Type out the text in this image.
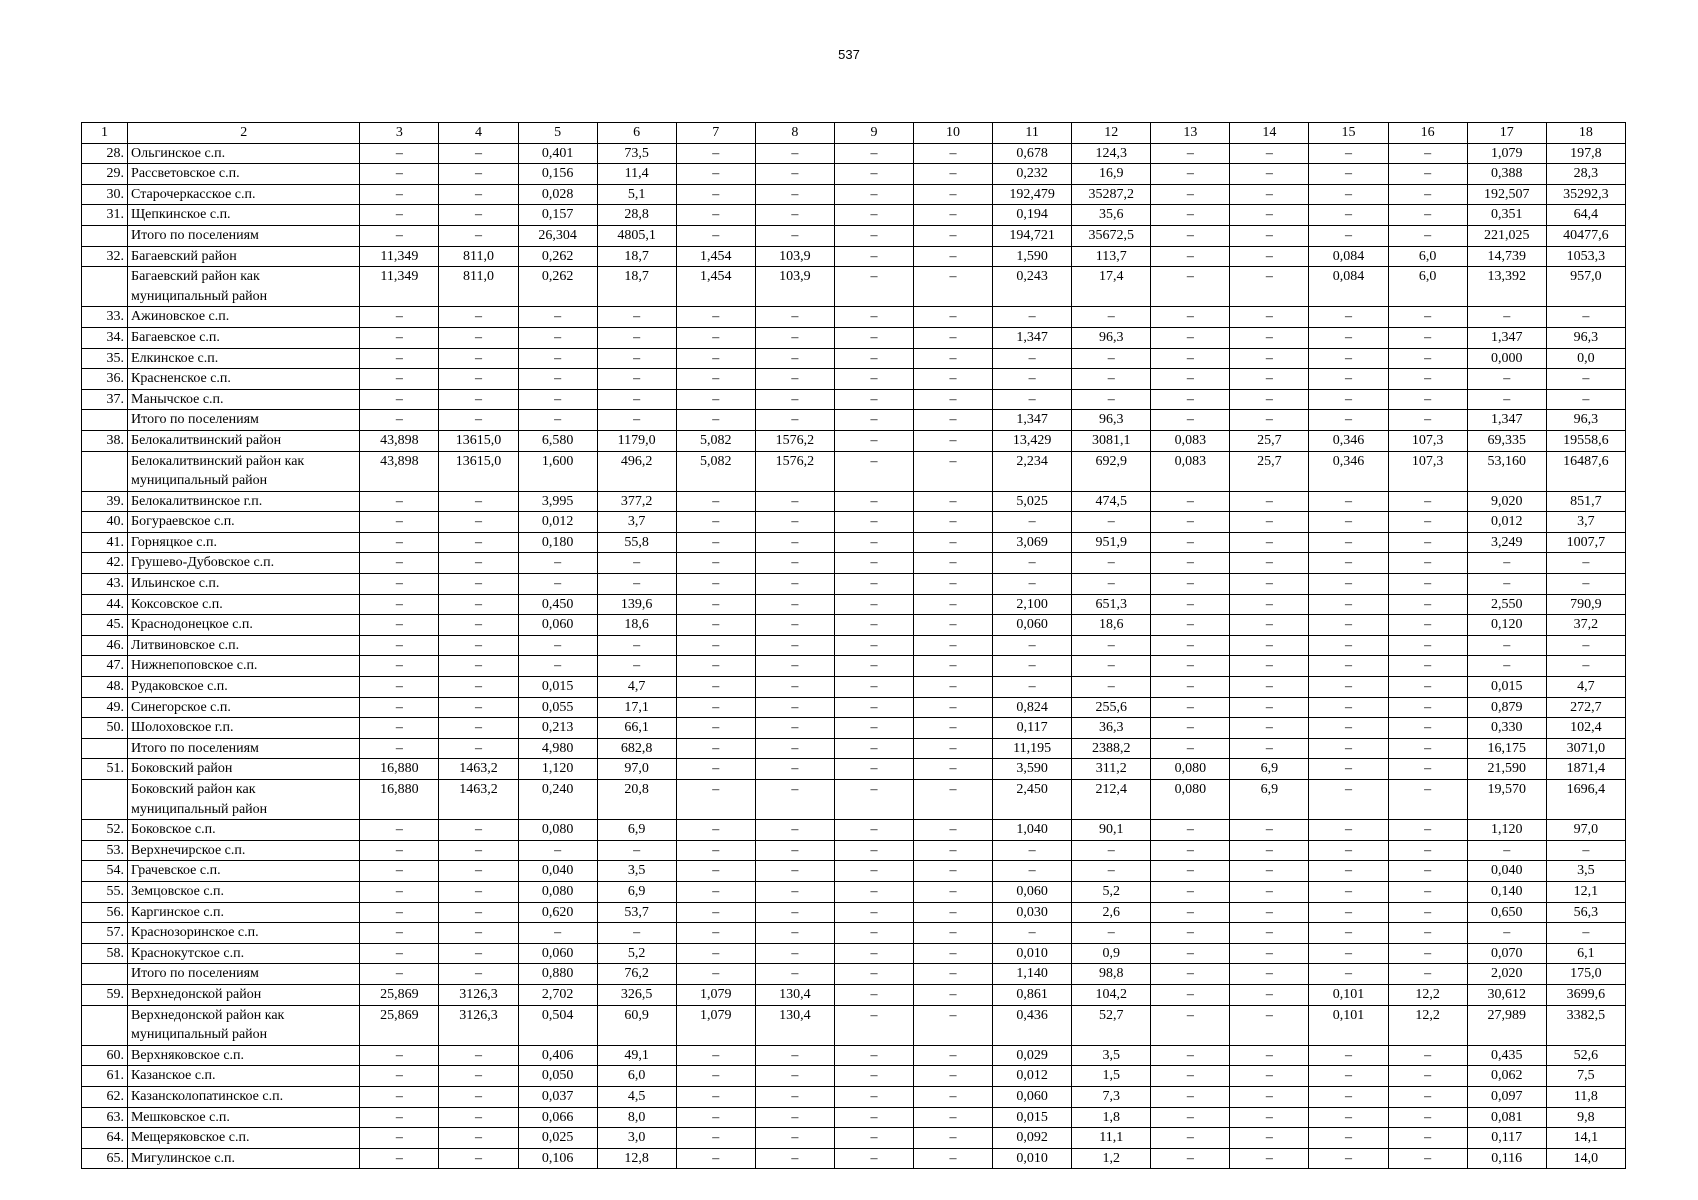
537
1	2	3	4	5	6	7	8	9	10	11	12	13	14	15	16	17	18
28.	Ольгинское с.п.	–	–	0,401	73,5	–	–	–	–	0,678	124,3	–	–	–	–	1,079	197,8
29.	Рассветовское с.п.	–	–	0,156	11,4	–	–	–	–	0,232	16,9	–	–	–	–	0,388	28,3
30.	Старочеркасское с.п.	–	–	0,028	5,1	–	–	–	–	192,479	35287,2	–	–	–	–	192,507	35292,3
31.	Щепкинское с.п.	–	–	0,157	28,8	–	–	–	–	0,194	35,6	–	–	–	–	0,351	64,4
	Итого по поселениям	–	–	26,304	4805,1	–	–	–	–	194,721	35672,5	–	–	–	–	221,025	40477,6
32.	Багаевский район	11,349	811,0	0,262	18,7	1,454	103,9	–	–	1,590	113,7	–	–	0,084	6,0	14,739	1053,3
	Багаевский район как муниципальный район	11,349	811,0	0,262	18,7	1,454	103,9	–	–	0,243	17,4	–	–	0,084	6,0	13,392	957,0
33.	Ажиновское с.п.	–	–	–	–	–	–	–	–	–	–	–	–	–	–	–	–
34.	Багаевское с.п.	–	–	–	–	–	–	–	–	1,347	96,3	–	–	–	–	1,347	96,3
35.	Елкинское с.п.	–	–	–	–	–	–	–	–	–	–	–	–	–	–	0,000	0,0
36.	Красненское с.п.	–	–	–	–	–	–	–	–	–	–	–	–	–	–	–	–
37.	Манычское с.п.	–	–	–	–	–	–	–	–	–	–	–	–	–	–	–	–
	Итого по поселениям	–	–	–	–	–	–	–	–	1,347	96,3	–	–	–	–	1,347	96,3
38.	Белокалитвинский район	43,898	13615,0	6,580	1179,0	5,082	1576,2	–	–	13,429	3081,1	0,083	25,7	0,346	107,3	69,335	19558,6
	Белокалитвинский район как муниципальный район	43,898	13615,0	1,600	496,2	5,082	1576,2	–	–	2,234	692,9	0,083	25,7	0,346	107,3	53,160	16487,6
39.	Белокалитвинское г.п.	–	–	3,995	377,2	–	–	–	–	5,025	474,5	–	–	–	–	9,020	851,7
40.	Богураевское с.п.	–	–	0,012	3,7	–	–	–	–	–	–	–	–	–	–	0,012	3,7
41.	Горняцкое с.п.	–	–	0,180	55,8	–	–	–	–	3,069	951,9	–	–	–	–	3,249	1007,7
42.	Грушево-Дубовское с.п.	–	–	–	–	–	–	–	–	–	–	–	–	–	–	–	–
43.	Ильинское с.п.	–	–	–	–	–	–	–	–	–	–	–	–	–	–	–	–
44.	Коксовское с.п.	–	–	0,450	139,6	–	–	–	–	2,100	651,3	–	–	–	–	2,550	790,9
45.	Краснодонецкое с.п.	–	–	0,060	18,6	–	–	–	–	0,060	18,6	–	–	–	–	0,120	37,2
46.	Литвиновское с.п.	–	–	–	–	–	–	–	–	–	–	–	–	–	–	–	–
47.	Нижнепоповское с.п.	–	–	–	–	–	–	–	–	–	–	–	–	–	–	–	–
48.	Рудаковское с.п.	–	–	0,015	4,7	–	–	–	–	–	–	–	–	–	–	0,015	4,7
49.	Синегорское с.п.	–	–	0,055	17,1	–	–	–	–	0,824	255,6	–	–	–	–	0,879	272,7
50.	Шолоховское г.п.	–	–	0,213	66,1	–	–	–	–	0,117	36,3	–	–	–	–	0,330	102,4
	Итого по поселениям	–	–	4,980	682,8	–	–	–	–	11,195	2388,2	–	–	–	–	16,175	3071,0
51.	Боковский район	16,880	1463,2	1,120	97,0	–	–	–	–	3,590	311,2	0,080	6,9	–	–	21,590	1871,4
	Боковский район как муниципальный район	16,880	1463,2	0,240	20,8	–	–	–	–	2,450	212,4	0,080	6,9	–	–	19,570	1696,4
52.	Боковское с.п.	–	–	0,080	6,9	–	–	–	–	1,040	90,1	–	–	–	–	1,120	97,0
53.	Верхнечирское с.п.	–	–	–	–	–	–	–	–	–	–	–	–	–	–	–	–
54.	Грачевское с.п.	–	–	0,040	3,5	–	–	–	–	–	–	–	–	–	–	0,040	3,5
55.	Земцовское с.п.	–	–	0,080	6,9	–	–	–	–	0,060	5,2	–	–	–	–	0,140	12,1
56.	Каргинское с.п.	–	–	0,620	53,7	–	–	–	–	0,030	2,6	–	–	–	–	0,650	56,3
57.	Краснозоринское с.п.	–	–	–	–	–	–	–	–	–	–	–	–	–	–	–	–
58.	Краснокутское с.п.	–	–	0,060	5,2	–	–	–	–	0,010	0,9	–	–	–	–	0,070	6,1
	Итого по поселениям	–	–	0,880	76,2	–	–	–	–	1,140	98,8	–	–	–	–	2,020	175,0
59.	Верхнедонской район	25,869	3126,3	2,702	326,5	1,079	130,4	–	–	0,861	104,2	–	–	0,101	12,2	30,612	3699,6
	Верхнедонской район как муниципальный район	25,869	3126,3	0,504	60,9	1,079	130,4	–	–	0,436	52,7	–	–	0,101	12,2	27,989	3382,5
60.	Верхняковское с.п.	–	–	0,406	49,1	–	–	–	–	0,029	3,5	–	–	–	–	0,435	52,6
61.	Казанское с.п.	–	–	0,050	6,0	–	–	–	–	0,012	1,5	–	–	–	–	0,062	7,5
62.	Казансколопатинское с.п.	–	–	0,037	4,5	–	–	–	–	0,060	7,3	–	–	–	–	0,097	11,8
63.	Мешковское с.п.	–	–	0,066	8,0	–	–	–	–	0,015	1,8	–	–	–	–	0,081	9,8
64.	Мещеряковское с.п.	–	–	0,025	3,0	–	–	–	–	0,092	11,1	–	–	–	–	0,117	14,1
65.	Мигулинское с.п.	–	–	0,106	12,8	–	–	–	–	0,010	1,2	–	–	–	–	0,116	14,0
